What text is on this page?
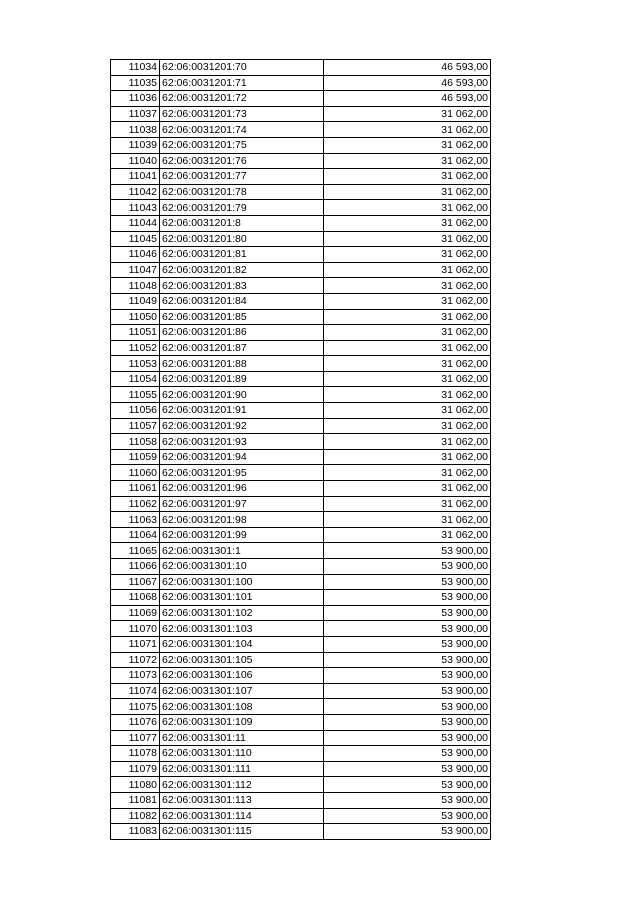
11034	62:06:0031201:70	46 593,00
11035	62:06:0031201:71	46 593,00
11036	62:06:0031201:72	46 593,00
11037	62:06:0031201:73	31 062,00
11038	62:06:0031201:74	31 062,00
11039	62:06:0031201:75	31 062,00
11040	62:06:0031201:76	31 062,00
11041	62:06:0031201:77	31 062,00
11042	62:06:0031201:78	31 062,00
11043	62:06:0031201:79	31 062,00
11044	62:06:0031201:8	31 062,00
11045	62:06:0031201:80	31 062,00
11046	62:06:0031201:81	31 062,00
11047	62:06:0031201:82	31 062,00
11048	62:06:0031201:83	31 062,00
11049	62:06:0031201:84	31 062,00
11050	62:06:0031201:85	31 062,00
11051	62:06:0031201:86	31 062,00
11052	62:06:0031201:87	31 062,00
11053	62:06:0031201:88	31 062,00
11054	62:06:0031201:89	31 062,00
11055	62:06:0031201:90	31 062,00
11056	62:06:0031201:91	31 062,00
11057	62:06:0031201:92	31 062,00
11058	62:06:0031201:93	31 062,00
11059	62:06:0031201:94	31 062,00
11060	62:06:0031201:95	31 062,00
11061	62:06:0031201:96	31 062,00
11062	62:06:0031201:97	31 062,00
11063	62:06:0031201:98	31 062,00
11064	62:06:0031201:99	31 062,00
11065	62:06:0031301:1	53 900,00
11066	62:06:0031301:10	53 900,00
11067	62:06:0031301:100	53 900,00
11068	62:06:0031301:101	53 900,00
11069	62:06:0031301:102	53 900,00
11070	62:06:0031301:103	53 900,00
11071	62:06:0031301:104	53 900,00
11072	62:06:0031301:105	53 900,00
11073	62:06:0031301:106	53 900,00
11074	62:06:0031301:107	53 900,00
11075	62:06:0031301:108	53 900,00
11076	62:06:0031301:109	53 900,00
11077	62:06:0031301:11	53 900,00
11078	62:06:0031301:110	53 900,00
11079	62:06:0031301:111	53 900,00
11080	62:06:0031301:112	53 900,00
11081	62:06:0031301:113	53 900,00
11082	62:06:0031301:114	53 900,00
11083	62:06:0031301:115	53 900,00
